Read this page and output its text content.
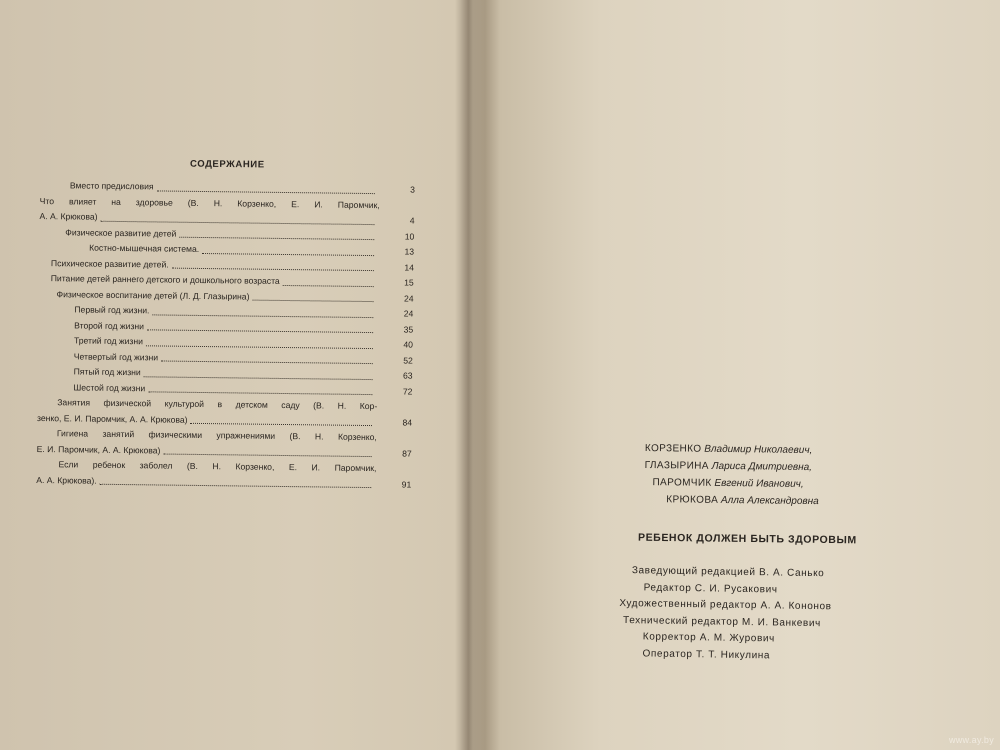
СОДЕРЖАНИЕ
Вместо предисловия	3
Что влияет на здоровье (В. Н. Корзенко, Е. И. Паромчик,
А. А. Крюкова)	4
Физическое развитие детей	10
Костно-мышечная система.	13
Психическое развитие детей.	14
Питание детей раннего детского и дошкольного возраста	15
Физическое воспитание детей (Л. Д. Глазырина)	24
Первый год жизни.	24
Второй год жизни	35
Третий год жизни	40
Четвертый год жизни	52
Пятый год жизни	63
Шестой год жизни	72
Занятия физической культурой в детском саду (В. Н. Кор-
зенко, Е. И. Паромчик, А. А. Крюкова)	84
Гигиена занятий физическими упражнениями (В. Н. Корзенко,
Е. И. Паромчик, А. А. Крюкова)	87
Если ребенок заболел (В. Н. Корзенко, Е. И. Паромчик,
А. А. Крюкова).	91
КОРЗЕНКО Владимир Николаевич,
ГЛАЗЫРИНА Лариса Дмитриевна,
ПАРОМЧИК Евгений Иванович,
КРЮКОВА Алла Александровна
РЕБЕНОК ДОЛЖЕН БЫТЬ ЗДОРОВЫМ
Заведующий редакцией В. А. Санько
Редактор С. И. Русакович
Художественный редактор А. А. Кононов
Технический редактор М. И. Ванкевич
Корректор А. М. Журович
Оператор Т. Т. Никулина
www.ay.by
